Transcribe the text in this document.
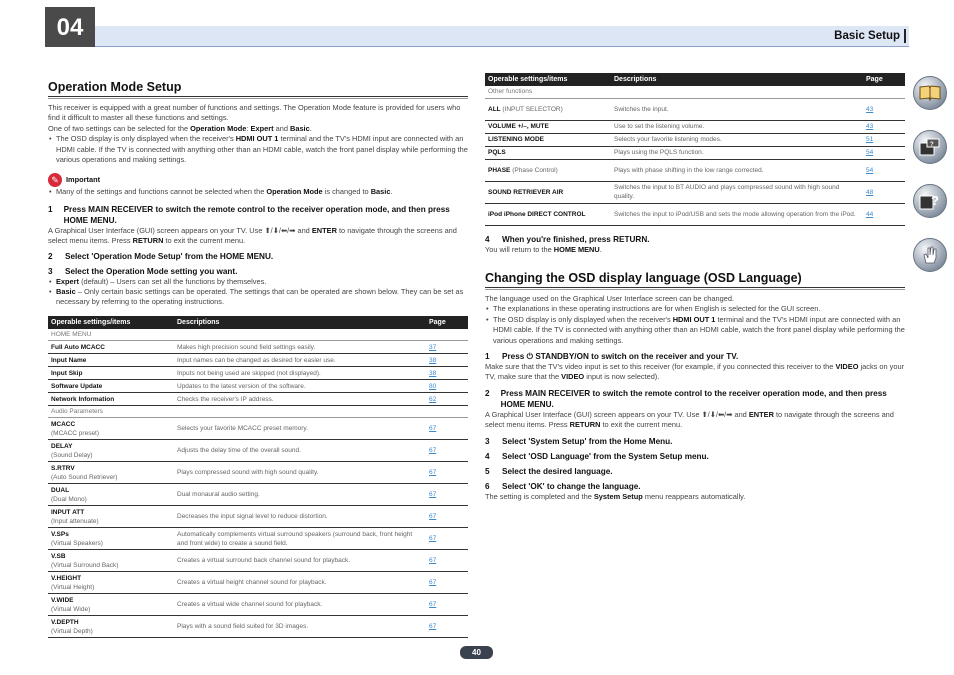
04	Basic Setup
Operation Mode Setup

This receiver is equipped with a great number of functions and settings. The Operation Mode feature is provided for users who find it difficult to master all these functions and settings.

One of two settings can be selected for the Operation Mode: Expert and Basic.

• The OSD display is only displayed when the receiver's HDMI OUT 1 terminal and the TV's HDMI input are connected with an HDMI cable. If the TV is connected with anything other than an HDMI cable, watch the front panel display while performing the various operations and making settings.
✎ Important
• Many of the settings and functions cannot be selected when the Operation Mode is changed to Basic.
1	Press MAIN RECEIVER to switch the remote control to the receiver operation mode, and then press HOME MENU.

A Graphical User Interface (GUI) screen appears on your TV. Use ⬆/⬇/⬅/➡ and ENTER to navigate through the screens and select menu items. Press RETURN to exit the current menu.

2	Select 'Operation Mode Setup' from the HOME MENU.
3	Select the Operation Mode setting you want.
• Expert (default) – Users can set all the functions by themselves.
• Basic – Only certain basic settings can be operated. The settings that can be operated are shown below. They can be set as necessary by referring to the operating instructions.
Operable settings/items	Descriptions	Page
HOME MENU		
Full Auto MCACC	Makes high precision sound field settings easily.	37
Input Name	Input names can be changed as desired for easier use.	38
Input Skip	Inputs not being used are skipped (not displayed).	38
Software Update	Updates to the latest version of the software.	80
Network Information	Checks the receiver's IP address.	62
Audio Parameters		
MCACC
(MCACC preset)	Selects your favorite MCACC preset memory.	67
DELAY
(Sound Delay)	Adjusts the delay time of the overall sound.	67
S.RTRV
(Auto Sound Retriever)	Plays compressed sound with high sound quality.	67
DUAL
(Dual Mono)	Dual monaural audio setting.	67
INPUT ATT
(Input attenuate)	Decreases the input signal level to reduce distortion.	67
V.SPs
(Virtual Speakers)	Automatically complements virtual surround speakers (surround back, front height and front wide) to create a sound field.	67
V.SB
(Virtual Surround Back)	Creates a virtual surround back channel sound for playback.	67
V.HEIGHT
(Virtual Height)	Creates a virtual height channel sound for playback.	67
V.WIDE
(Virtual Wide)	Creates a virtual wide channel sound for playback.	67
V.DEPTH
(Virtual Depth)	Plays with a sound field suited for 3D images.	67
Operable settings/items	Descriptions	Page
Other functions		
ALL (INPUT SELECTOR)	Switches the input.	43
VOLUME +/–, MUTE	Use to set the listening volume.	43
LISTENING MODE	Selects your favorite listening modes.	51
PQLS	Plays using the PQLS function.	54
PHASE (Phase Control)	Plays with phase shifting in the low range corrected.	54
SOUND RETRIEVER AIR	Switches the input to BT AUDIO and plays compressed sound with high sound quality.	48
iPod iPhone DIRECT CONTROL	Switches the input to iPod/USB and sets the mode allowing operation from the iPod.	44
4	When you're finished, press RETURN.

You will return to the HOME MENU.

Changing the OSD display language (OSD Language)

The language used on the Graphical User Interface screen can be changed.

• The explanations in these operating instructions are for when English is selected for the GUI screen.
• The OSD display is only displayed when the receiver's HDMI OUT 1 terminal and the TV's HDMI input are connected with an HDMI cable. If the TV is connected with anything other than an HDMI cable, watch the front panel display while performing the various operations and making settings.
1	Press ⏻ STANDBY/ON to switch on the receiver and your TV.

Make sure that the TV's video input is set to this receiver (for example, if you connected this receiver to the VIDEO jacks on your TV, make sure that the VIDEO input is now selected).

2	Press MAIN RECEIVER to switch the remote control to the receiver operation mode, and then press HOME MENU.

A Graphical User Interface (GUI) screen appears on your TV. Use ⬆/⬇/⬅/➡ and ENTER to navigate through the screens and select menu items. Press RETURN to exit the current menu.

3	Select 'System Setup' from the Home Menu.
4	Select 'OSD Language' from the System Setup menu.
5	Select the desired language.
6	Select 'OK' to change the language.

The setting is completed and the System Setup menu reappears automatically.

?
?
40
